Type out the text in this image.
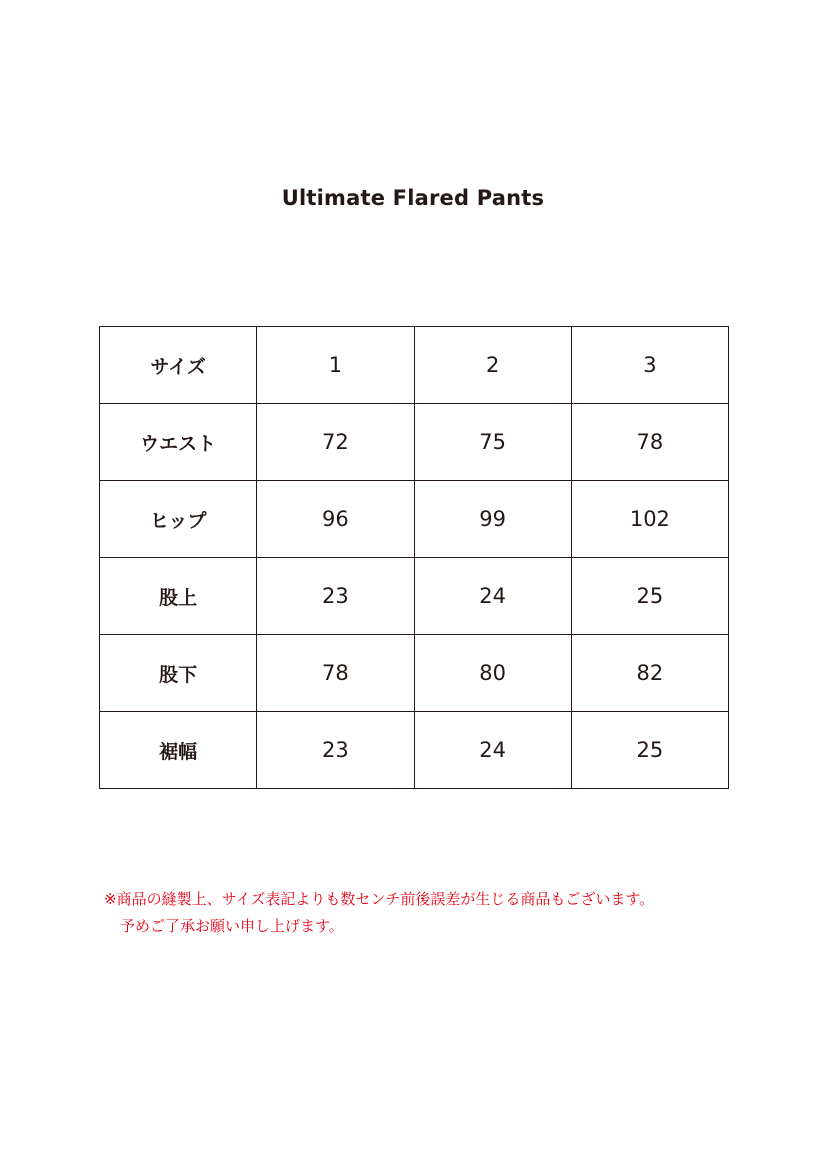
Ultimate Flared Pants
サイズ	1	2	3
ウエスト	72	75	78
ヒップ	96	99	102
股上	23	24	25
股下	78	80	82
裾幅	23	24	25

※商品の縫製上、サイズ表記よりも数センチ前後誤差が生じる商品もございます。

予めご了承お願い申し上げます。
